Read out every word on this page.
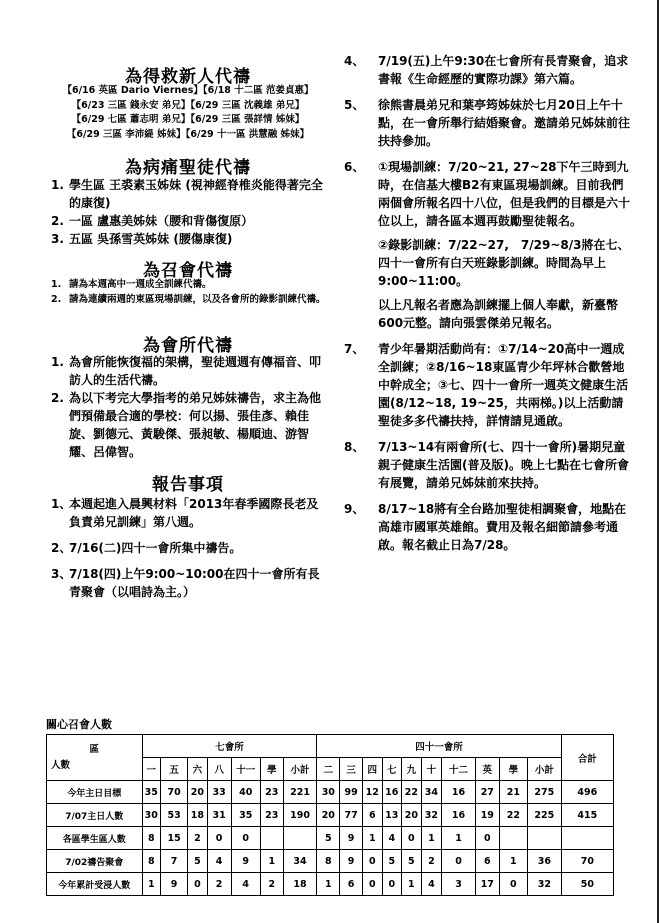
為得救新人代禱
【6/16 英區 Dario Viernes】【6/18 十二區 范姜貞惠】
【6/23 三區 錢永安 弟兄】【6/29 三區 沈義雄 弟兄】
【6/29 七區 蕭志明 弟兄】【6/29 三區 張詳情 姊妹】
【6/29 三區 李沛緹 姊妹】【6/29 十一區 洪慧融 姊妹】
為病痛聖徒代禱
1. 學生區 王裘素玉姊妹 (視神經脊椎炎能得著完全的康復)
2. 一區 盧惠美姊妹（腰和背傷復原）
3. 五區 吳孫雪英姊妹 (腰傷康復)
為召會代禱
1. 請為本週高中一週成全訓練代禱。
2. 請為連續兩週的東區現場訓練，以及各會所的錄影訓練代禱。
為會所代禱
1. 為會所能恢復福的架構，聖徒週週有傳福音、叩訪人的生活代禱。
2. 為以下考完大學指考的弟兄姊妹禱告，求主為他們預備最合適的學校：何以揚、張佳彥、賴佳旋、劉德元、黃駿傑、張昶敏、楊順迪、游智耀、呂偉智。
報告事項
1、
本週起進入晨興材料「2013年春季國際長老及負責弟兄訓練」第八週。
2、
7/16(二)四十一會所集中禱告。
3、
7/18(四)上午9:00~10:00在四十一會所有長青聚會（以唱詩為主。）
4、 7/19(五)上午9:30在七會所有長青聚會，追求書報《生命經歷的實際功課》第六篇。
5、 徐熊書晨弟兄和葉亭筠姊妹於七月20日上午十點，在一會所舉行結婚聚會。邀請弟兄姊妹前往扶持參加。
6、 ①現場訓練：7/20~21, 27~28下午三時到九時，在信基大樓B2有東區現場訓練。目前我們兩個會所報名四十八位，但是我們的目標是六十位以上，請各區本週再鼓勵聖徒報名。
②錄影訓練：7/22~27,　7/29~8/3將在七、四十一會所有白天班錄影訓練。時間為早上9:00~11:00。
以上凡報名者應為訓練擺上個人奉獻，新臺幣600元整。請向張雲傑弟兄報名。
7、 青少年暑期活動尚有：①7/14~20高中一週成全訓練；②8/16~18東區青少年坪林合歡營地中幹成全；③七、四十一會所一週英文健康生活園(8/12~18, 19~25，共兩梯。)以上活動請聖徒多多代禱扶持，詳情請見通啟。
8、 7/13~14有兩會所(七、四十一會所)暑期兒童親子健康生活園(普及版)。晚上七點在七會所會有展覽，請弟兄姊妹前來扶持。
9、 8/17~18將有全台路加聖徒相調聚會，地點在高雄市國軍英雄館。費用及報名細節請參考通啟。報名截止日為7/28。
關心召會人數
區
人數	七會所							四十一會所										合計
	一	五	六	八	十一	學	小計	二	三	四	七	九	十	十二	英	學	小計	
今年主日目標	35	70	20	33	40	23	221	30	99	12	16	22	34	16	27	21	275	496
7/07主日人數	30	53	18	31	35	23	190	20	77	6	13	20	32	16	19	22	225	415
各區學生區人數	8	15	2	0	0			5	9	1	4	0	1	1	0			
7/02禱告聚會	8	7	5	4	9	1	34	8	9	0	5	5	2	0	6	1	36	70
今年累計受浸人數	1	9	0	2	4	2	18	1	6	0	0	1	4	3	17	0	32	50
